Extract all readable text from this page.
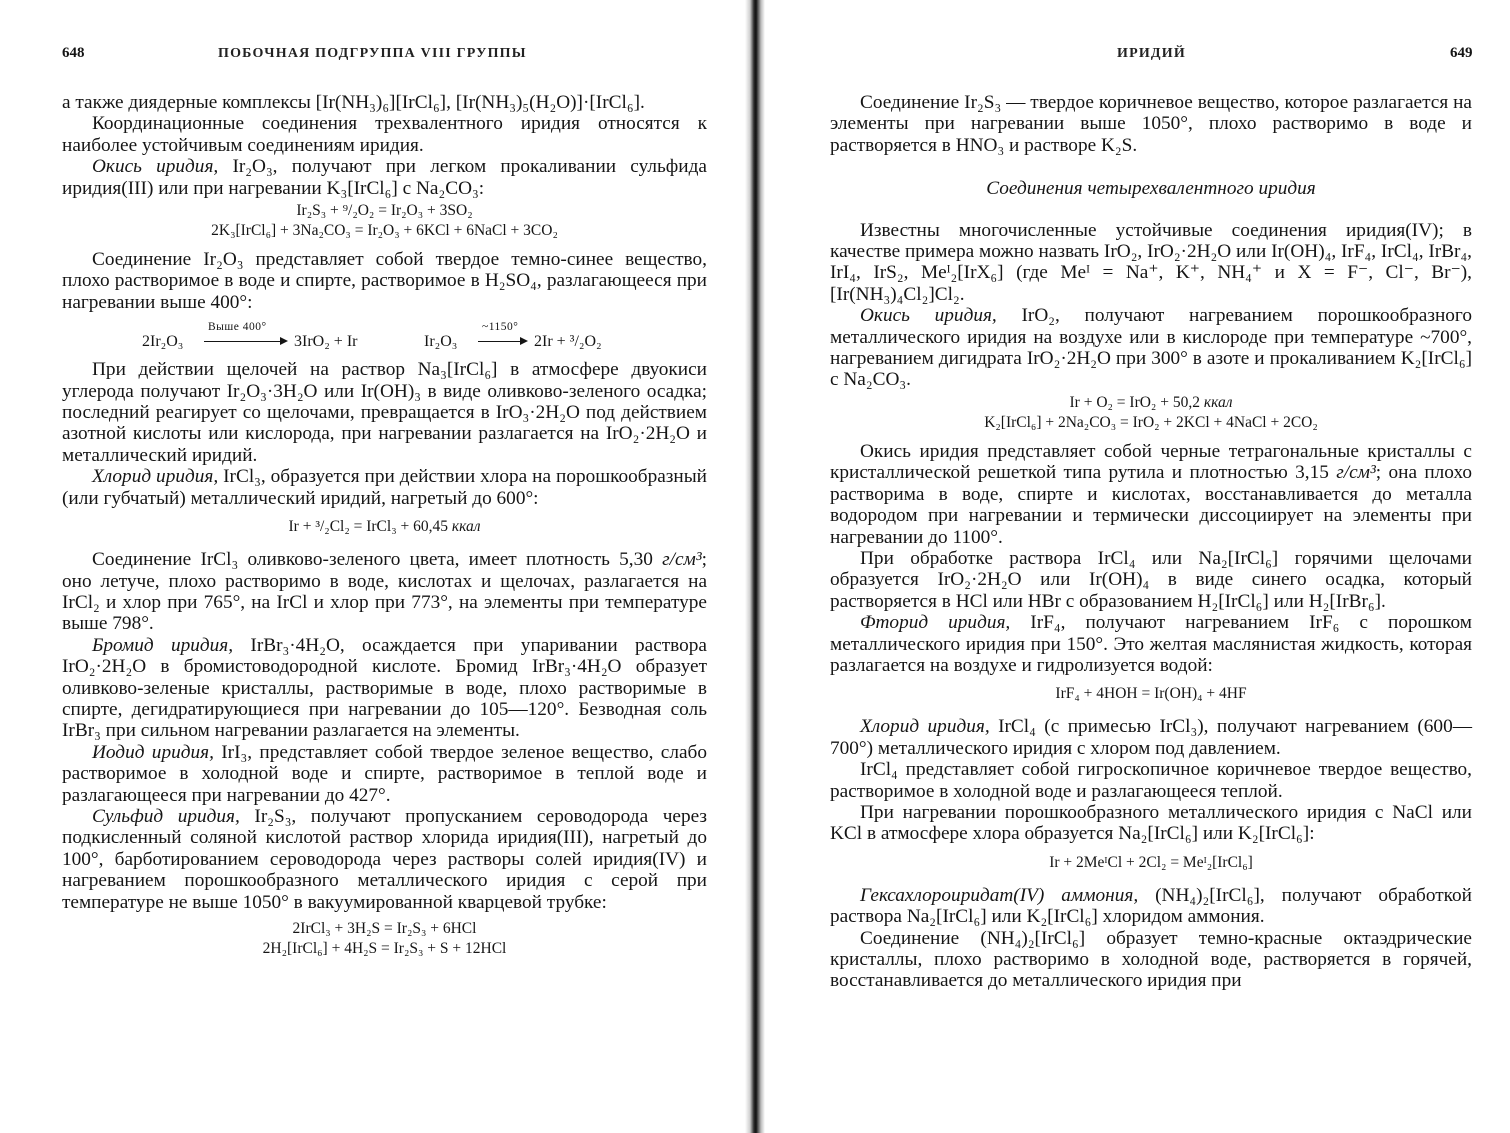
648	ПОБОЧНАЯ ПОДГРУППА VIII ГРУППЫ

а также диядерные комплексы [Ir(NH₃)₆][IrCl₆], [Ir(NH₃)₅(H₂O)]·[IrCl₆].

Координационные соединения трехвалентного иридия относятся к наиболее устойчивым соединениям иридия.

Окись иридия, Ir₂O₃, получают при легком прокаливании сульфида иридия(III) или при нагревании K₃[IrCl₆] с Na₂CO₃:

Ir₂S₃ + ⁹/₂O₂ = Ir₂O₃ + 3SO₂
2K₃[IrCl₆] + 3Na₂CO₃ = Ir₂O₃ + 6KCl + 6NaCl + 3CO₂

Соединение Ir₂O₃ представляет собой твердое темно-синее вещество, плохо растворимое в воде и спирте, растворимое в H₂SO₄, разлагающееся при нагревании выше 400°:

2Ir₂O₃
Выше 400°
3IrO₂ + Ir	Ir₂O₃
~1150°
2Ir + ³/₂O₂

При действии щелочей на раствор Na₃[IrCl₆] в атмосфере двуокиси углерода получают Ir₂O₃·3H₂O или Ir(OH)₃ в виде оливково-зеленого осадка; последний реагирует со щелочами, превращается в IrO₃·2H₂O под действием азотной кислоты или кислорода, при нагревании разлагается на IrO₂·2H₂O и металлический иридий.

Хлорид иридия, IrCl₃, образуется при действии хлора на порошкообразный (или губчатый) металлический иридий, нагретый до 600°:

Ir + ³/₂Cl₂ = IrCl₃ + 60,45 ккал

Соединение IrCl₃ оливково-зеленого цвета, имеет плотность 5,30 г/см³; оно летуче, плохо растворимо в воде, кислотах и щелочах, разлагается на IrCl₂ и хлор при 765°, на IrCl и хлор при 773°, на элементы при температуре выше 798°.

Бромид иридия, IrBr₃·4H₂O, осаждается при упаривании раствора IrO₂·2H₂O в бромистоводородной кислоте. Бромид IrBr₃·4H₂O образует оливково-зеленые кристаллы, растворимые в воде, плохо растворимые в спирте, дегидратирующиеся при нагревании до 105—120°. Безводная соль IrBr₃ при сильном нагревании разлагается на элементы.

Иодид иридия, IrI₃, представляет собой твердое зеленое вещество, слабо растворимое в холодной воде и спирте, растворимое в теплой воде и разлагающееся при нагревании до 427°.

Сульфид иридия, Ir₂S₃, получают пропусканием сероводорода через подкисленный соляной кислотой раствор хлорида иридия(III), нагретый до 100°, барботированием сероводорода через растворы солей иридия(IV) и нагреванием порошкообразного металлического иридия с серой при температуре не выше 1050° в вакуумированной кварцевой трубке:

2IrCl₃ + 3H₂S = Ir₂S₃ + 6HCl
2H₂[IrCl₆] + 4H₂S = Ir₂S₃ + S + 12HCl
ИРИДИЙ	649

Соединение Ir₂S₃ — твердое коричневое вещество, которое разлагается на элементы при нагревании выше 1050°, плохо растворимо в воде и растворяется в HNO₃ и растворе K₂S.

Соединения четырехвалентного иридия

Известны многочисленные устойчивые соединения иридия(IV); в качестве примера можно назвать IrO₂, IrO₂·2H₂O или Ir(OH)₄, IrF₄, IrCl₄, IrBr₄, IrI₄, IrS₂, Meᴵ₂[IrX₆] (где Meᴵ = Na⁺, K⁺, NH₄⁺ и X = F⁻, Cl⁻, Br⁻), [Ir(NH₃)₄Cl₂]Cl₂.

Окись иридия, IrO₂, получают нагреванием порошкообразного металлического иридия на воздухе или в кислороде при температуре ~700°, нагреванием дигидрата IrO₂·2H₂O при 300° в азоте и прокаливанием K₂[IrCl₆] с Na₂CO₃.

Ir + O₂ = IrO₂ + 50,2 ккал
K₂[IrCl₆] + 2Na₂CO₃ = IrO₂ + 2KCl + 4NaCl + 2CO₂

Окись иридия представляет собой черные тетрагональные кристаллы с кристаллической решеткой типа рутила и плотностью 3,15 г/см³; она плохо растворима в воде, спирте и кислотах, восстанавливается до металла водородом при нагревании и термически диссоциирует на элементы при нагревании до 1100°.

При обработке раствора IrCl₄ или Na₂[IrCl₆] горячими щелочами образуется IrO₂·2H₂O или Ir(OH)₄ в виде синего осадка, который растворяется в HCl или HBr с образованием H₂[IrCl₆] или H₂[IrBr₆].

Фторид иридия, IrF₄, получают нагреванием IrF₆ с порошком металлического иридия при 150°. Это желтая маслянистая жидкость, которая разлагается на воздухе и гидролизуется водой:

IrF₄ + 4HOH = Ir(OH)₄ + 4HF

Хлорид иридия, IrCl₄ (с примесью IrCl₃), получают нагреванием (600—700°) металлического иридия с хлором под давлением.

IrCl₄ представляет собой гигроскопичное коричневое твердое вещество, растворимое в холодной воде и разлагающееся теплой.

При нагревании порошкообразного металлического иридия с NaCl или KCl в атмосфере хлора образуется Na₂[IrCl₆] или K₂[IrCl₆]:

Ir + 2MeᴵCl + 2Cl₂ = Meᴵ₂[IrCl₆]

Гексахлороиридат(IV) аммония, (NH₄)₂[IrCl₆], получают обработкой раствора Na₂[IrCl₆] или K₂[IrCl₆] хлоридом аммония.

Соединение (NH₄)₂[IrCl₆] образует темно-красные октаэдрические кристаллы, плохо растворимо в холодной воде, растворяется в горячей, восстанавливается до металлического иридия при
